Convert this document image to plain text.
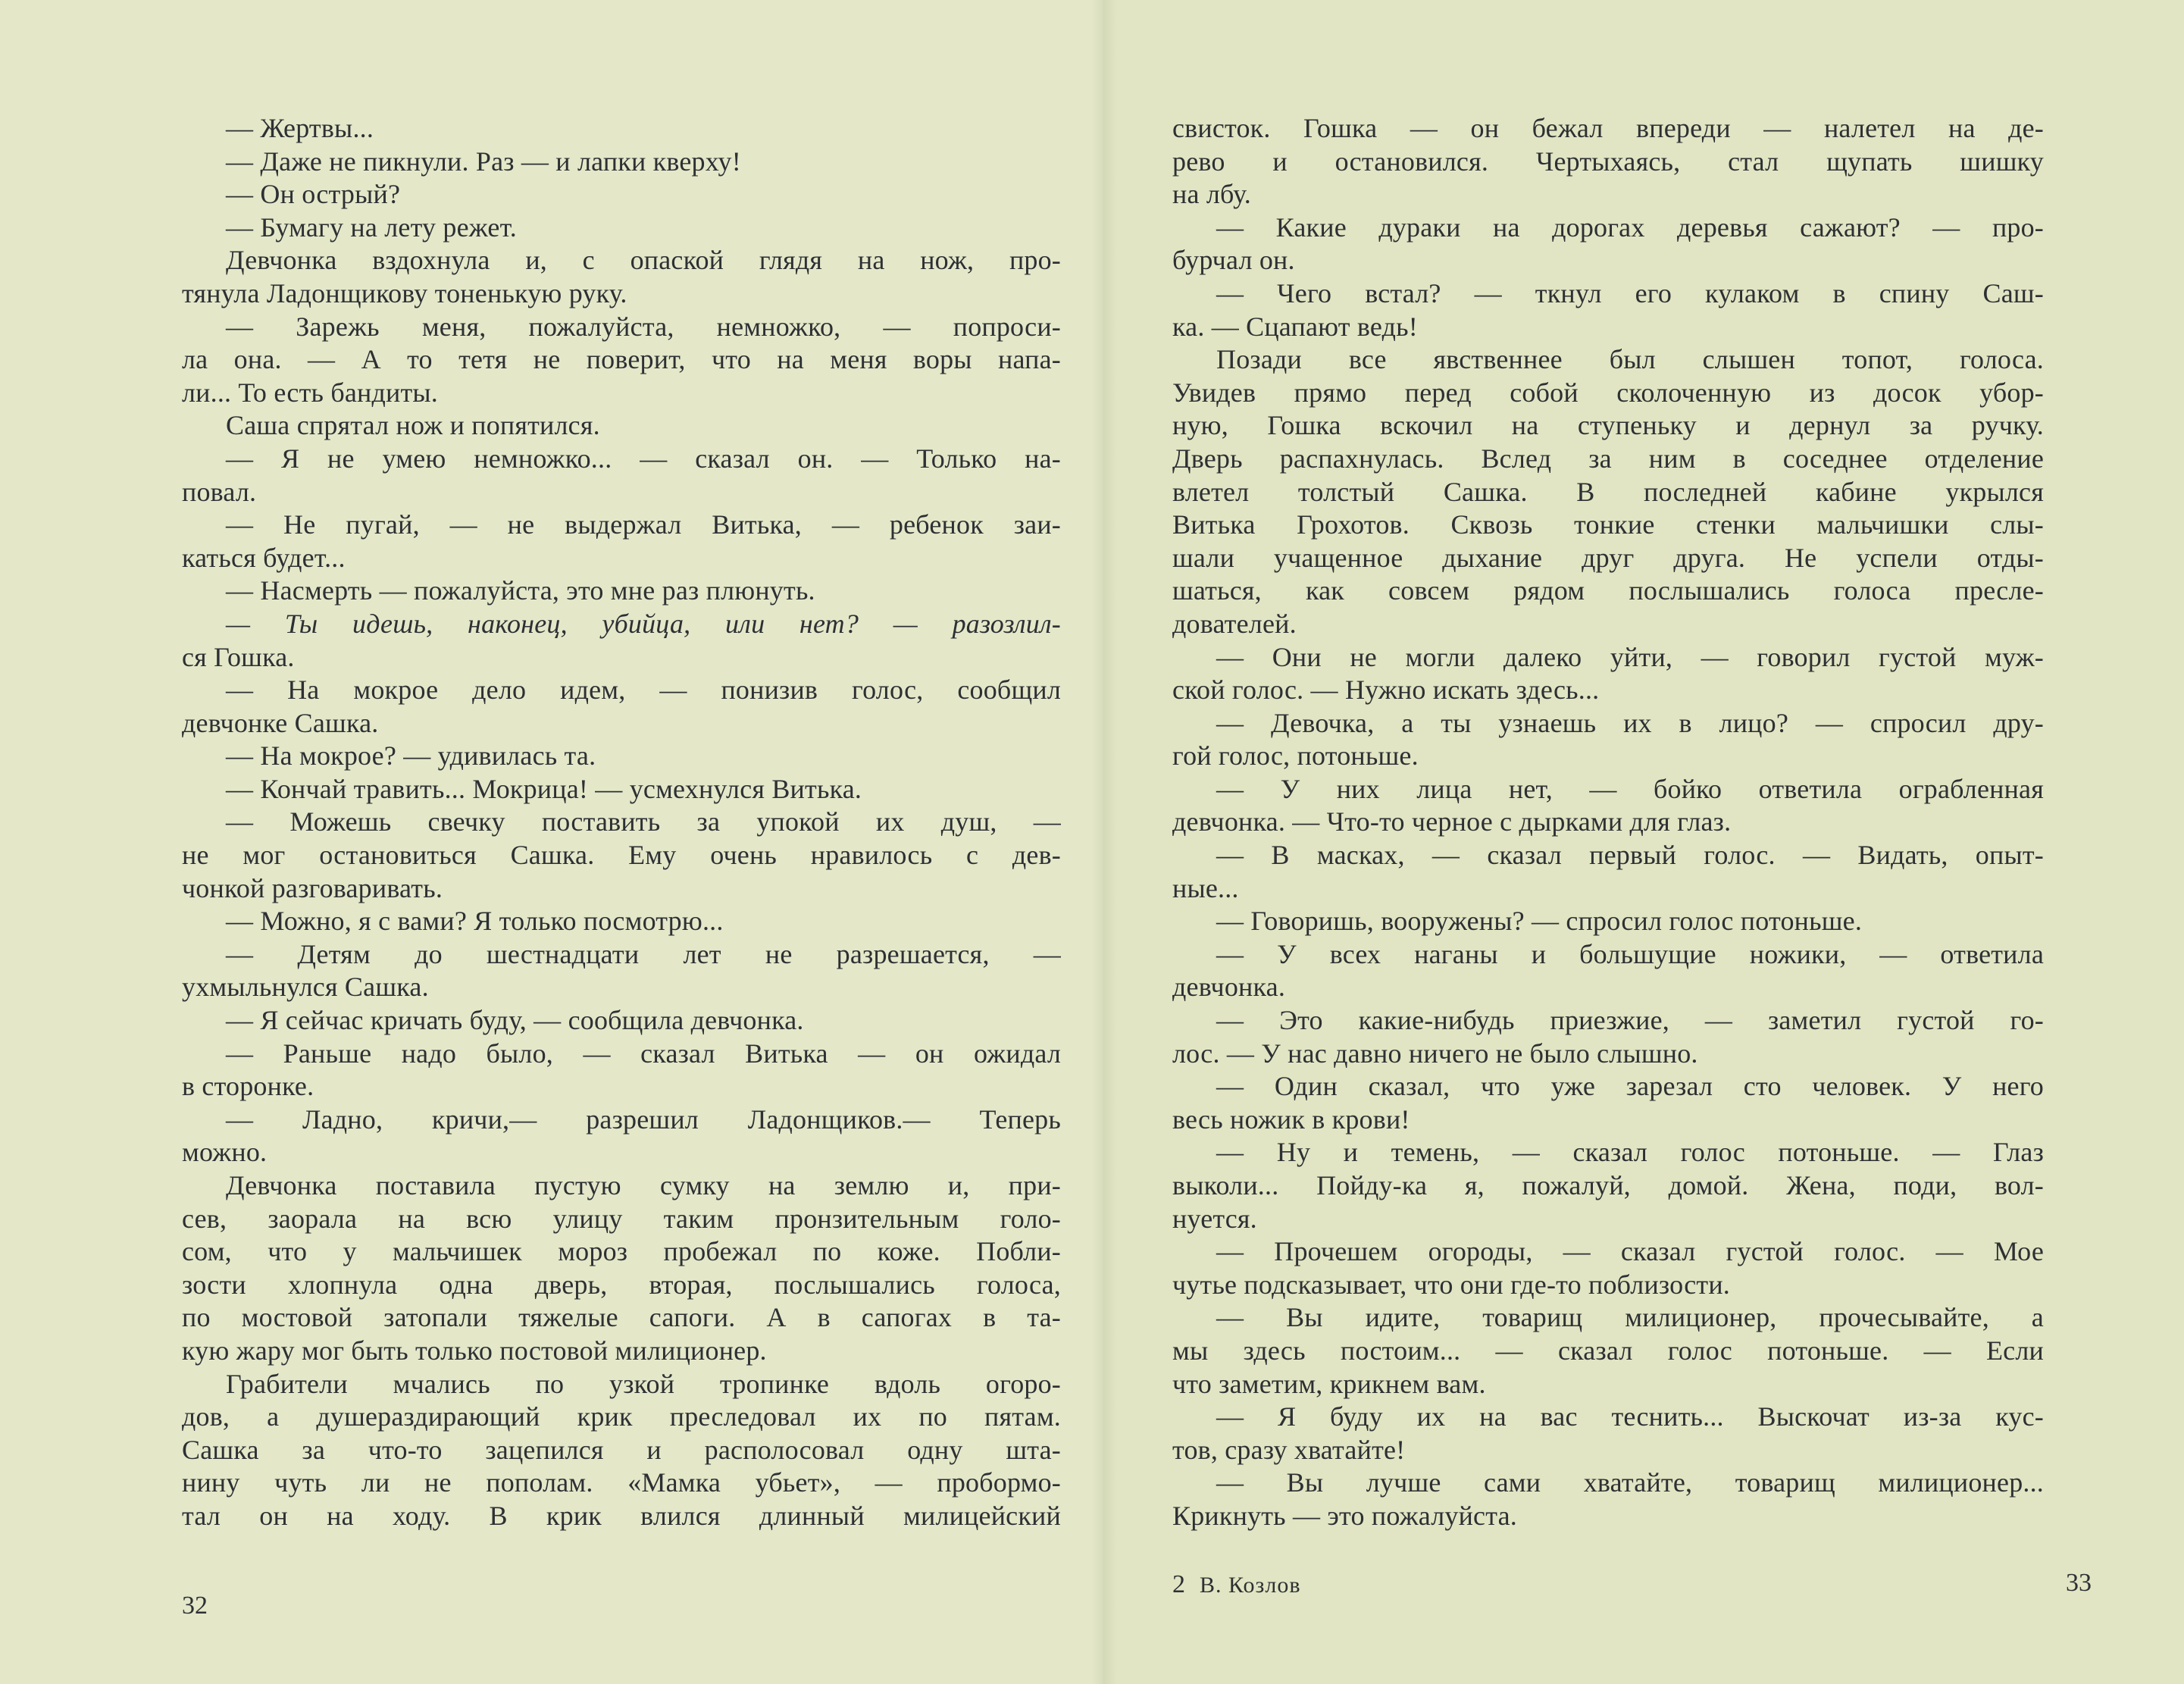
— Жертвы...
— Даже не пикнули. Раз — и лапки кверху!
— Он острый?
— Бумагу на лету режет.
Девчонка вздохнула и, с опаской глядя на нож, про-
тянула Ладонщикову тоненькую руку.
— Зарежь меня, пожалуйста, немножко, — попроси-
ла она. — А то тетя не поверит, что на меня воры напа-
ли... То есть бандиты.
Саша спрятал нож и попятился.
— Я не умею немножко... — сказал он. — Только на-
повал.
— Не пугай, — не выдержал Витька, — ребенок заи-
каться будет...
— Насмерть — пожалуйста, это мне раз плюнуть.
— Ты идешь, наконец, убийца, или нет? — разозлил-
ся Гошка.
— На мокрое дело идем, — понизив голос, сообщил
девчонке Сашка.
— На мокрое? — удивилась та.
— Кончай травить... Мокрица! — усмехнулся Витька.
— Можешь свечку поставить за упокой их душ, —
не мог остановиться Сашка. Ему очень нравилось с дев-
чонкой разговаривать.
— Можно, я с вами? Я только посмотрю...
— Детям до шестнадцати лет не разрешается, —
ухмыльнулся Сашка.
— Я сейчас кричать буду, — сообщила девчонка.
— Раньше надо было, — сказал Витька — он ожидал
в сторонке.
— Ладно, кричи,— разрешил Ладонщиков.— Теперь
можно.
Девчонка поставила пустую сумку на землю и, при-
сев, заорала на всю улицу таким пронзительным голо-
сом, что у мальчишек мороз пробежал по коже. Побли-
зости хлопнула одна дверь, вторая, послышались голоса,
по мостовой затопали тяжелые сапоги. А в сапогах в та-
кую жару мог быть только постовой милиционер.
Грабители мчались по узкой тропинке вдоль огоро-
дов, а душераздирающий крик преследовал их по пятам.
Сашка за что-то зацепился и располосовал одну шта-
нину чуть ли не пополам. «Мамка убьет», — пробормо-
тал он на ходу. В крик влился длинный милицейский
32
свисток. Гошка — он бежал впереди — налетел на де-
рево и остановился. Чертыхаясь, стал щупать шишку
на лбу.
— Какие дураки на дорогах деревья сажают? — про-
бурчал он.
— Чего встал? — ткнул его кулаком в спину Саш-
ка. — Сцапают ведь!
Позади все явственнее был слышен топот, голоса.
Увидев прямо перед собой сколоченную из досок убор-
ную, Гошка вскочил на ступеньку и дернул за ручку.
Дверь распахнулась. Вслед за ним в соседнее отделение
влетел толстый Сашка. В последней кабине укрылся
Витька Грохотов. Сквозь тонкие стенки мальчишки слы-
шали учащенное дыхание друг друга. Не успели отды-
шаться, как совсем рядом послышались голоса пресле-
дователей.
— Они не могли далеко уйти, — говорил густой муж-
ской голос. — Нужно искать здесь...
— Девочка, а ты узнаешь их в лицо? — спросил дру-
гой голос, потоньше.
— У них лица нет, — бойко ответила ограбленная
девчонка. — Что-то черное с дырками для глаз.
— В масках, — сказал первый голос. — Видать, опыт-
ные...
— Говоришь, вооружены? — спросил голос потоньше.
— У всех наганы и большущие ножики, — ответила
девчонка.
— Это какие-нибудь приезжие, — заметил густой го-
лос. — У нас давно ничего не было слышно.
— Один сказал, что уже зарезал сто человек. У него
весь ножик в крови!
— Ну и темень, — сказал голос потоньше. — Глаз
выколи... Пойду-ка я, пожалуй, домой. Жена, поди, вол-
нуется.
— Прочешем огороды, — сказал густой голос. — Мое
чутье подсказывает, что они где-то поблизости.
— Вы идите, товарищ милиционер, прочесывайте, а
мы здесь постоим... — сказал голос потоньше. — Если
что заметим, крикнем вам.
— Я буду их на вас теснить... Выскочат из-за кус-
тов, сразу хватайте!
— Вы лучше сами хватайте, товарищ милиционер...
Крикнуть — это пожалуйста.
2 В. Козлов	33
